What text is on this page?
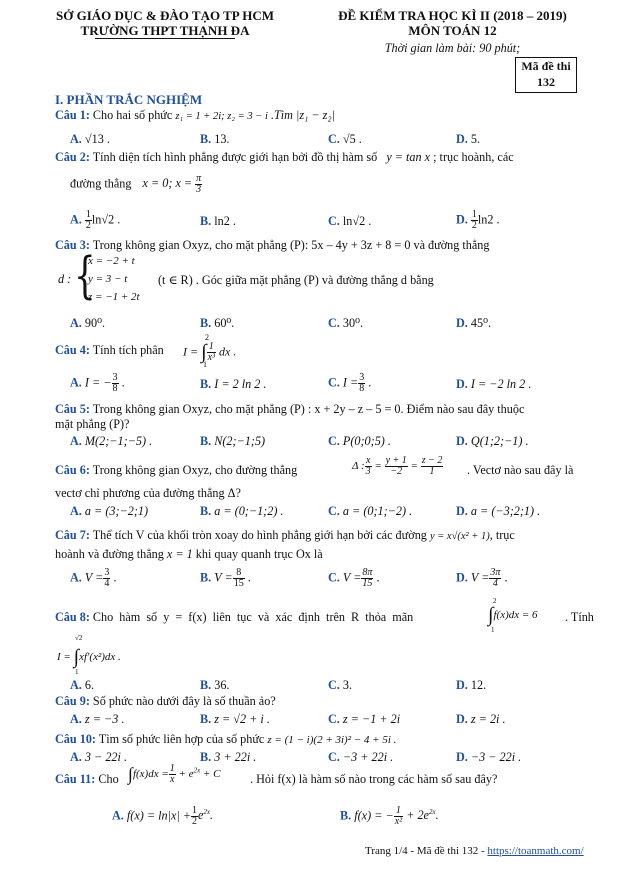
SỞ GIÁO DỤC & ĐÀO TẠO TP HCM
TRƯỜNG THPT THẠNH ĐA
ĐỀ KIỂM TRA HỌC KÌ II (2018 – 2019)
MÔN TOÁN 12
Thời gian làm bài: 90 phút;
Mã đề thi
132
I. PHẦN TRẮC NGHIỆM
Câu 1: Cho hai số phức z₁ = 1 + 2i; z₂ = 3 − i .Tìm |z₁ − z₂|
A. √13 .	B. 13.	C. √5 .	D. 5.
Câu 2: Tính diện tích hình phẳng được giới hạn bởi đồ thị hàm số y = tan x ; trục hoành, các
đường thẳng x = 0; $x = \frac{\pi}{3}$
A. $\frac{1}{2} \ln√2$ .	B. ln2 .	C. ln√2 .	D. $\frac{1}{2} \ln 2$ .
Câu 3: Trong không gian Oxyz, cho mặt phẳng (P): 5x – 4y + 3z + 8 = 0 và đường thẳng
d : {
x = −2 + t
y = 3 − t
z = −1 + 2t
(t ∈ R) . Góc giữa mặt phẳng (P) và đường thẳng d bằng
A. 90⁰.	B. 60⁰.	C. 30⁰.	D. 45⁰.
Câu 4: Tính tích phân I = ∫ $\frac{1}{\text{x³}}$ dx .
2
1
A. I = − $\frac{3}{8}$ .	B. I = 2 ln 2 .	C. $I = \frac{3}{8}$ .	D. I = −2 ln 2 .
Câu 5: Trong không gian Oxyz, cho mặt phẳng (P) : x + 2y – z – 5 = 0. Điểm nào sau đây thuộc
mặt phẳng (P)?
A. M(2;−1;−5) .	B. N(2;−1;5)	C. P(0;0;5) .	D. Q(1;2;−1) .
Câu 6: Trong không gian Oxyz, cho đường thẳng	Δ : $\frac{x}{3} = \frac{y + 1}{-2} = \frac{z - 2}{1}$ . Vectơ nào sau đây là
vectơ chỉ phương của đường thẳng Δ?
A. a = (3;−2;1)	B. a = (0;−1;2) .	C. a = (0;1;−2) .	D. a = (−3;2;1) .
Câu 7: Thể tích V của khối tròn xoay do hình phẳng giới hạn bởi các đường y = x√(x² + 1), trục
hoành và đường thẳng x = 1 khi quay quanh trục Ox là
A. $V = \frac{3}{4}$ .	B. $V = \frac{8}{15}$ .	C. $V = \frac{8\pi}{15}$ .	D. $V = \frac{3\pi}{4}$ .
Câu 8: Cho hàm số y = f(x) liên tục và xác định trên R thỏa mãn	∫f(x)dx = 6
2
1
. Tính
I = ∫xf′(x²)dx .
√2
1
A. 6.	B. 36.	C. 3.	D. 12.
Câu 9: Số phức nào dưới đây là số thuần ảo?
A. z = −3 .	B. z = √2 + i .	C. z = −1 + 2i	D. z = 2i .
Câu 10: Tìm số phức liên hợp của số phức z = (1 − i)(2 + 3i)² − 4 + 5i .
A. 3 − 22i .	B. 3 + 22i .	C. −3 + 22i .	D. −3 − 22i .
Câu 11: Cho $\int f(x)dx = \frac{1}{x} + e^{2x} + C$ . Hỏi f(x) là hàm số nào trong các hàm số sau đây?
A. $f(x) = \ln|x| + \frac{1}{2} e^{2x}$.	B. f(x) = − $\frac{1}{\text{x²}} + 2e^{2x}$.
Trang 1/4 - Mã đề thi 132 - https://toanmath.com/
